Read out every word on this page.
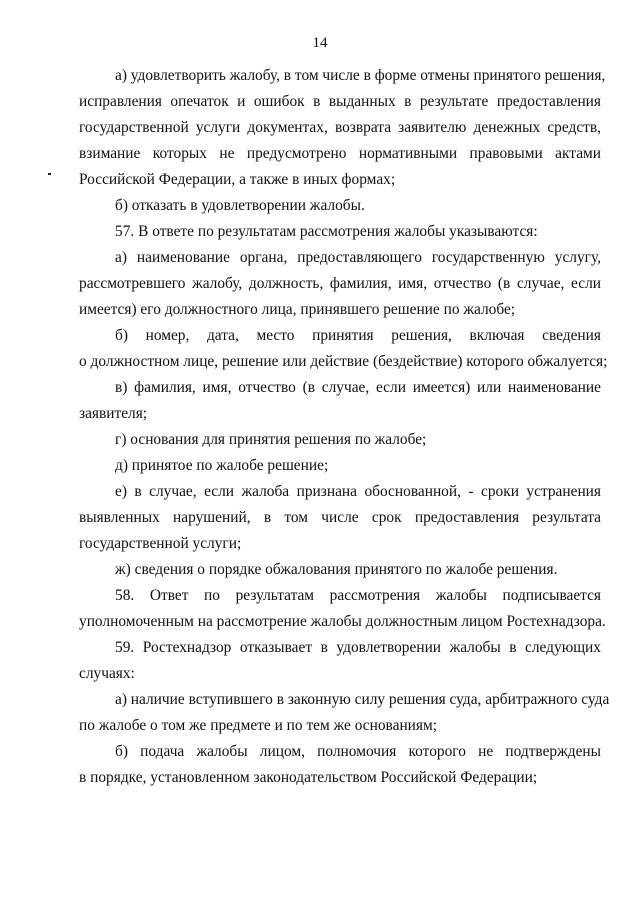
14
а) удовлетворить жалобу, в том числе в форме отмены принятого решения,
исправления опечаток и ошибок в выданных в результате предоставления
государственной услуги документах, возврата заявителю денежных средств,
взимание которых не предусмотрено нормативными правовыми актами
Российской Федерации, а также в иных формах;
б) отказать в удовлетворении жалобы.
57. В ответе по результатам рассмотрения жалобы указываются:
а) наименование органа, предоставляющего государственную услугу,
рассмотревшего жалобу, должность, фамилия, имя, отчество (в случае, если
имеется) его должностного лица, принявшего решение по жалобе;
б) номер, дата, место принятия решения, включая сведения
о должностном лице, решение или действие (бездействие) которого обжалуется;
в) фамилия, имя, отчество (в случае, если имеется) или наименование
заявителя;
г) основания для принятия решения по жалобе;
д) принятое по жалобе решение;
е) в случае, если жалоба признана обоснованной, - сроки устранения
выявленных нарушений, в том числе срок предоставления результата
государственной услуги;
ж) сведения о порядке обжалования принятого по жалобе решения.
58. Ответ по результатам рассмотрения жалобы подписывается
уполномоченным на рассмотрение жалобы должностным лицом Ростехнадзора.
59. Ростехнадзор отказывает в удовлетворении жалобы в следующих
случаях:
а) наличие вступившего в законную силу решения суда, арбитражного суда
по жалобе о том же предмете и по тем же основаниям;
б) подача жалобы лицом, полномочия которого не подтверждены
в порядке, установленном законодательством Российской Федерации;
